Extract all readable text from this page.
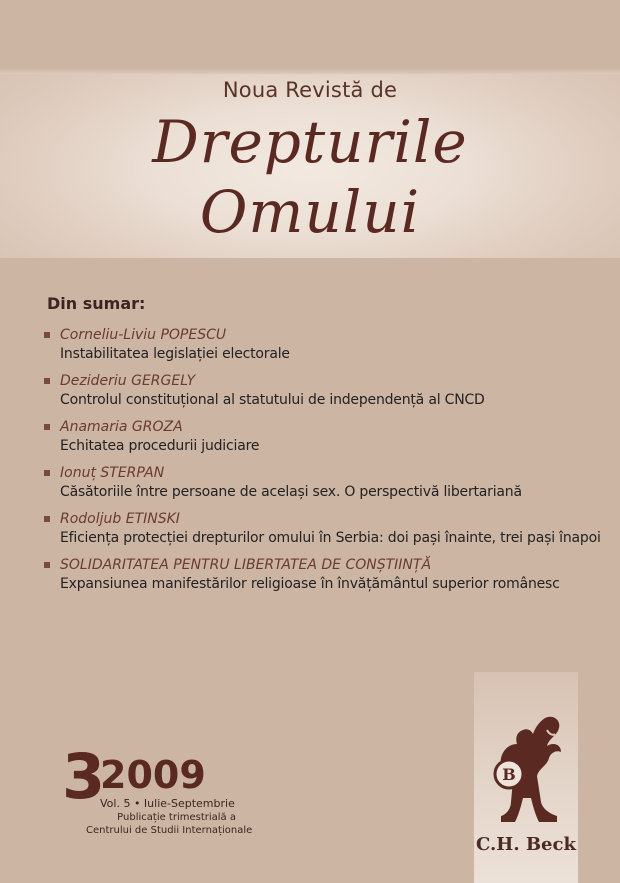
Noua Revistă de
Drepturile
Omului
Din sumar:
Corneliu-Liviu POPESCU
Instabilitatea legislației electorale
Dezideriu GERGELY
Controlul constituțional al statutului de independență al CNCD
Anamaria GROZA
Echitatea procedurii judiciare
Ionuț STERPAN
Căsătoriile între persoane de același sex. O perspectivă libertariană
Rodoljub ETINSKI
Eficiența protecției drepturilor omului în Serbia: doi pași înainte, trei pași înapoi
SOLIDARITATEA PENTRU LIBERTATEA DE CONȘTIINȚĂ
Expansiunea manifestărilor religioase în învățământul superior românesc
3
2009
Vol. 5 • Iulie-Septembrie
Publicație trimestrială a
Centrului de Studii Internaționale
B
C.H. Beck
